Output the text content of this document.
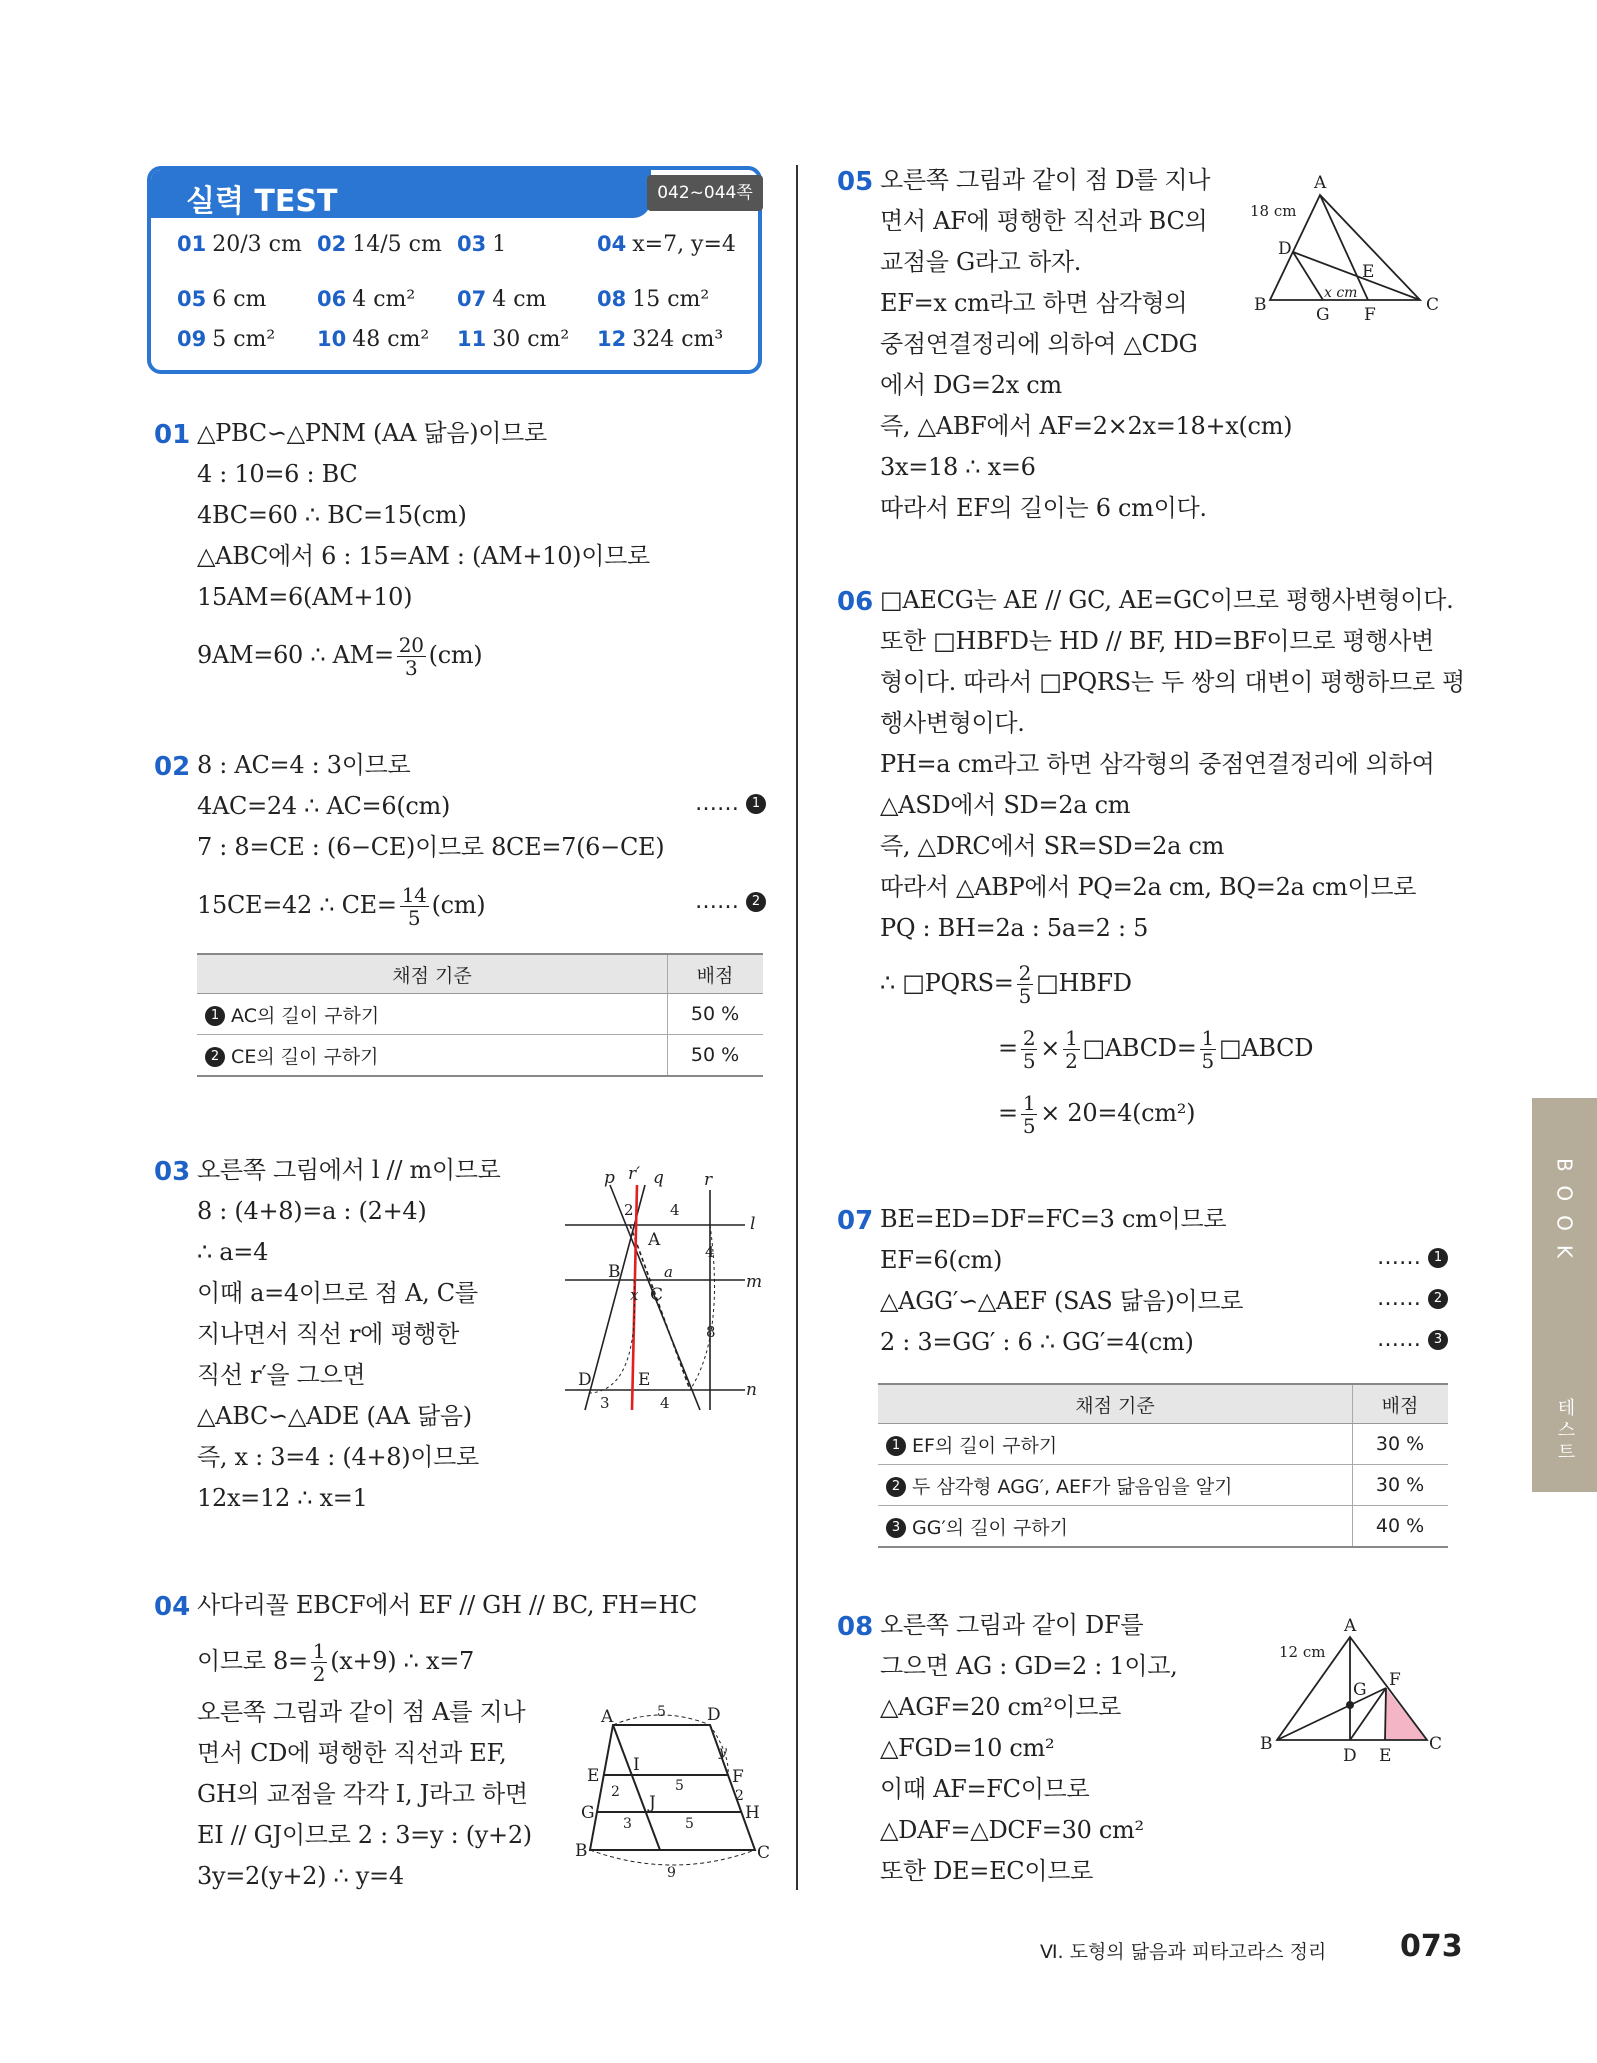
실력 TEST	042~044쪽
01 20/3 cm 02 14/5 cm 03 1	04 x=7, y=4
05 6 cm 06 4 cm² 07 4 cm 08 15 cm²
09 5 cm² 10 48 cm² 11 30 cm² 12 324 cm³
01 △PBC∽△PNM (AA 닮음)이므로
4 : 10=6 : BC
4BC=60 ∴ BC=15(cm)
△ABC에서 6 : 15=AM : (AM+10)이므로
15AM=6(AM+10)
9AM=60 ∴ $AM= \frac{20}{3} (cm)$
02 8 : AC=4 : 3이므로
4AC=24 ∴ AC=6(cm)	…… 1
7 : 8=CE : (6−CE)이므로 8CE=7(6−CE)
15CE=42 ∴ $CE= \frac{14}{5} (cm)$	…… 2
채점 기준	배점
1 AC의 길이 구하기	50 %
2 CE의 길이 구하기	50 %
03 오른쪽 그림에서 l // m이므로
8 : (4+8)=a : (2+4)
∴ a=4
이때 a=4이므로 점 A, C를
지나면서 직선 r에 평행한
직선 r′을 그으면
△ABC∽△ADE (AA 닮음)
즉, x : 3=4 : (4+8)이므로
12x=12 ∴ x=1
p r′ q r
l
m
n
A
B
C
D	E
2 4
4
a
x
8
3	4
04 사다리꼴 EBCF에서 EF // GH // BC, FH=HC
이므로 $8= \frac{1}{2} (x+9)$ ∴ x=7
오른쪽 그림과 같이 점 A를 지나
면서 CD에 평행한 직선과 EF,
GH의 교점을 각각 I, J라고 하면
EI // GJ이므로 2 : 3=y : (y+2)
3y=2(y+2) ∴ y=4
A	D
E	F
G	H
B	C
I
J
5
2	5
3	5
9
y
2
05 오른쪽 그림과 같이 점 D를 지나
면서 AF에 평행한 직선과 BC의
교점을 G라고 하자.
EF=x cm라고 하면 삼각형의
중점연결정리에 의하여 △CDG
에서 DG=2x cm
즉, △ABF에서 AF=2×2x=18+x(cm)
3x=18 ∴ x=6
따라서 EF의 길이는 6 cm이다.
A
D
E
B	G F	C
18 cm
x cm
06 □AECG는 AE // GC, AE=GC이므로 평행사변형이다.
또한 □HBFD는 HD // BF, HD=BF이므로 평행사변
형이다. 따라서 □PQRS는 두 쌍의 대변이 평행하므로 평
행사변형이다.
PH=a cm라고 하면 삼각형의 중점연결정리에 의하여
△ASD에서 SD=2a cm
즉, △DRC에서 SR=SD=2a cm
따라서 △ABP에서 PQ=2a cm, BQ=2a cm이므로
PQ : BH=2a : 5a=2 : 5
∴ □PQRS= $\frac{2}{5}$ □HBFD
= $\frac{2}{5} \times \frac{1}{2}$ □ABCD= $\frac{1}{5}$ □ABCD
= $\frac{1}{5} \times 20=4(cm^2)$
07 BE=ED=DF=FC=3 cm이므로
EF=6(cm)	…… 1
△AGG′∽△AEF (SAS 닮음)이므로	…… 2
2 : 3=GG′ : 6 ∴ GG′=4(cm)	…… 3
채점 기준	배점
1 EF의 길이 구하기	30 %
2 두 삼각형 AGG′, AEF가 닮음임을 알기	30 %
3 GG′의 길이 구하기	40 %
08 오른쪽 그림과 같이 DF를
그으면 AG : GD=2 : 1이고,
△AGF=20 cm²이므로
△FGD=10 cm²
이때 AF=FC이므로
△DAF=△DCF=30 cm²
또한 DE=EC이므로
A
G F
B
D E
C
12 cm
BOOK
테스트
Ⅵ. 도형의 닮음과 피타고라스 정리 073
